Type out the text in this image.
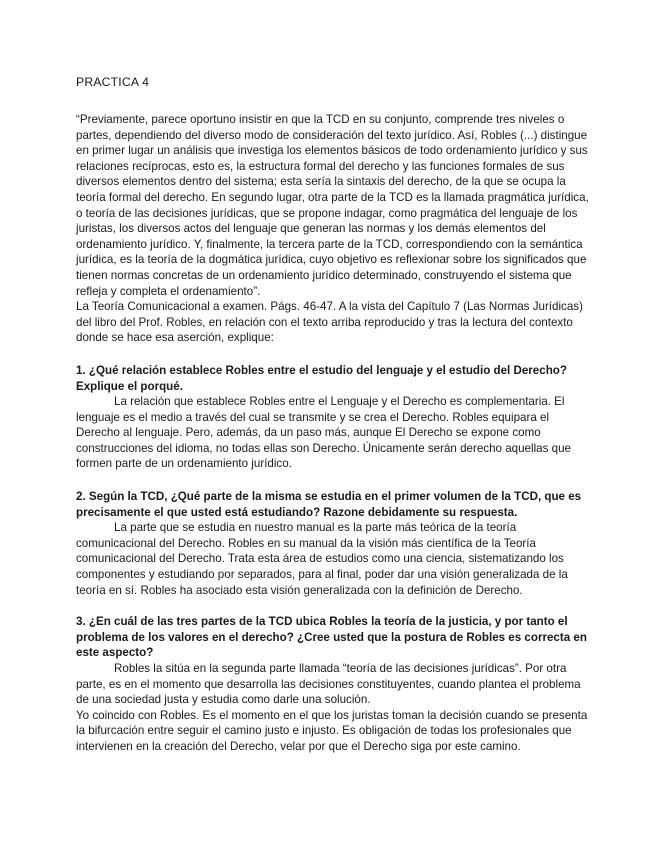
PRACTICA 4

“Previamente, parece oportuno insistir en que la TCD en su conjunto, comprende tres niveles o partes, dependiendo del diverso modo de consideración del texto jurídico. Así, Robles (...) distingue en primer lugar un análisis que investiga los elementos básicos de todo ordenamiento jurídico y sus relaciones recíprocas, esto es, la estructura formal del derecho y las funciones formales de sus diversos elementos dentro del sistema; esta sería la sintaxis del derecho, de la que se ocupa la teoría formal del derecho. En segundo lugar, otra parte de la TCD es la llamada pragmática jurídica, o teoría de las decisiones jurídicas, que se propone indagar, como pragmática del lenguaje de los juristas, los diversos actos del lenguaje que generan las normas y los demás elementos del ordenamiento jurídico. Y, finalmente, la tercera parte de la TCD, correspondiendo con la semántica jurídica, es la teoría de la dogmática jurídica, cuyo objetivo es reflexionar sobre los significados que tienen normas concretas de un ordenamiento jurídico determinado, construyendo el sistema que refleja y completa el ordenamiento”.

La Teoría Comunicacional a examen. Págs. 46-47. A la vista del Capítulo 7 (Las Normas Jurídicas) del libro del Prof. Robles, en relación con el texto arriba reproducido y tras la lectura del contexto donde se hace esa aserción, explique:

1. ¿Qué relación establece Robles entre el estudio del lenguaje y el estudio del Derecho? Explique el porqué.

La relación que establece Robles entre el Lenguaje y el Derecho es complementaria. El lenguaje es el medio a través del cual se transmite y se crea el Derecho. Robles equipara el Derecho al lenguaje. Pero, además, da un paso más, aunque El Derecho se expone como construcciones del idioma, no todas ellas son Derecho. Únicamente serán derecho aquellas que formen parte de un ordenamiento jurídico.

2. Según la TCD, ¿Qué parte de la misma se estudia en el primer volumen de la TCD, que es precisamente el que usted está estudiando? Razone debidamente su respuesta.

La parte que se estudia en nuestro manual es la parte más teórica de la teoría comunicacional del Derecho. Robles en su manual da la visión más científica de la Teoría comunicacional del Derecho. Trata esta área de estudios como una ciencia, sistematizando los componentes y estudiando por separados, para al final, poder dar una visión generalizada de la teoría en sí. Robles ha asociado esta visión generalizada con la definición de Derecho.

3. ¿En cuál de las tres partes de la TCD ubica Robles la teoría de la justicia, y por tanto el problema de los valores en el derecho? ¿Cree usted que la postura de Robles es correcta en este aspecto?

Robles la sitúa en la segunda parte llamada “teoría de las decisiones jurídicas”. Por otra parte, es en el momento que desarrolla las decisiones constituyentes, cuando plantea el problema de una sociedad justa y estudia como darle una solución.

Yo coincido con Robles. Es el momento en el que los juristas toman la decisión cuando se presenta la bifurcación entre seguir el camino justo e injusto. Es obligación de todas los profesionales que intervienen en la creación del Derecho, velar por que el Derecho siga por este camino.
